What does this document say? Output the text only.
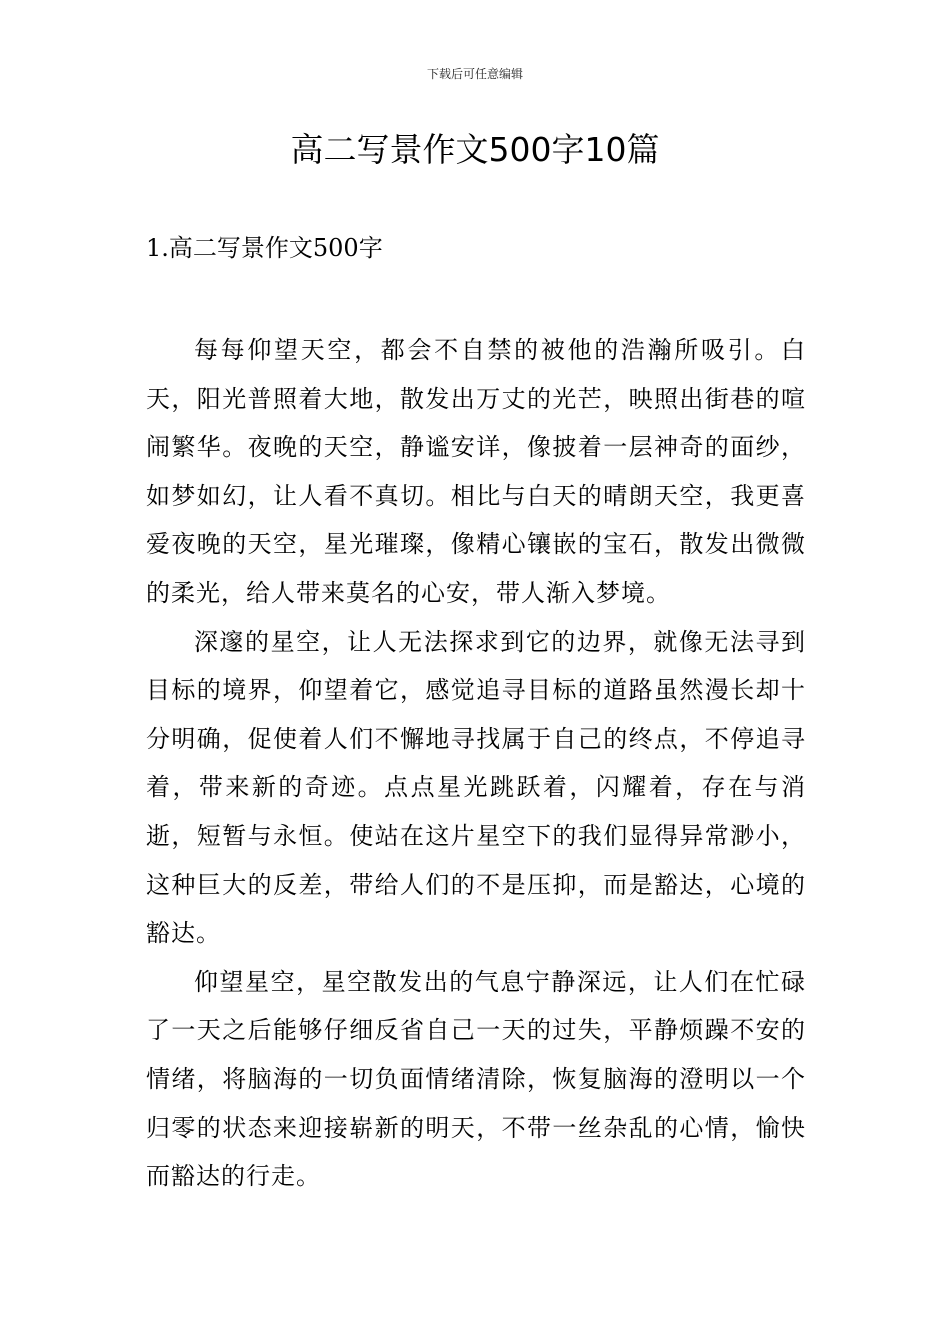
下载后可任意编辑
高二写景作文500字10篇
1.高二写景作文500字

每每仰望天空，都会不自禁的被他的浩瀚所吸引。白天，阳光普照着大地，散发出万丈的光芒，映照出街巷的喧闹繁华。夜晚的天空，静谧安详，像披着一层神奇的面纱，如梦如幻，让人看不真切。相比与白天的晴朗天空，我更喜爱夜晚的天空，星光璀璨，像精心镶嵌的宝石，散发出微微的柔光，给人带来莫名的心安，带人渐入梦境。

深邃的星空，让人无法探求到它的边界，就像无法寻到目标的境界，仰望着它，感觉追寻目标的道路虽然漫长却十分明确，促使着人们不懈地寻找属于自己的终点，不停追寻着，带来新的奇迹。点点星光跳跃着，闪耀着，存在与消逝，短暂与永恒。使站在这片星空下的我们显得异常渺小，这种巨大的反差，带给人们的不是压抑，而是豁达，心境的豁达。

仰望星空，星空散发出的气息宁静深远，让人们在忙碌了一天之后能够仔细反省自己一天的过失，平静烦躁不安的情绪，将脑海的一切负面情绪清除，恢复脑海的澄明以一个归零的状态来迎接崭新的明天，不带一丝杂乱的心情，愉快而豁达的行走。
